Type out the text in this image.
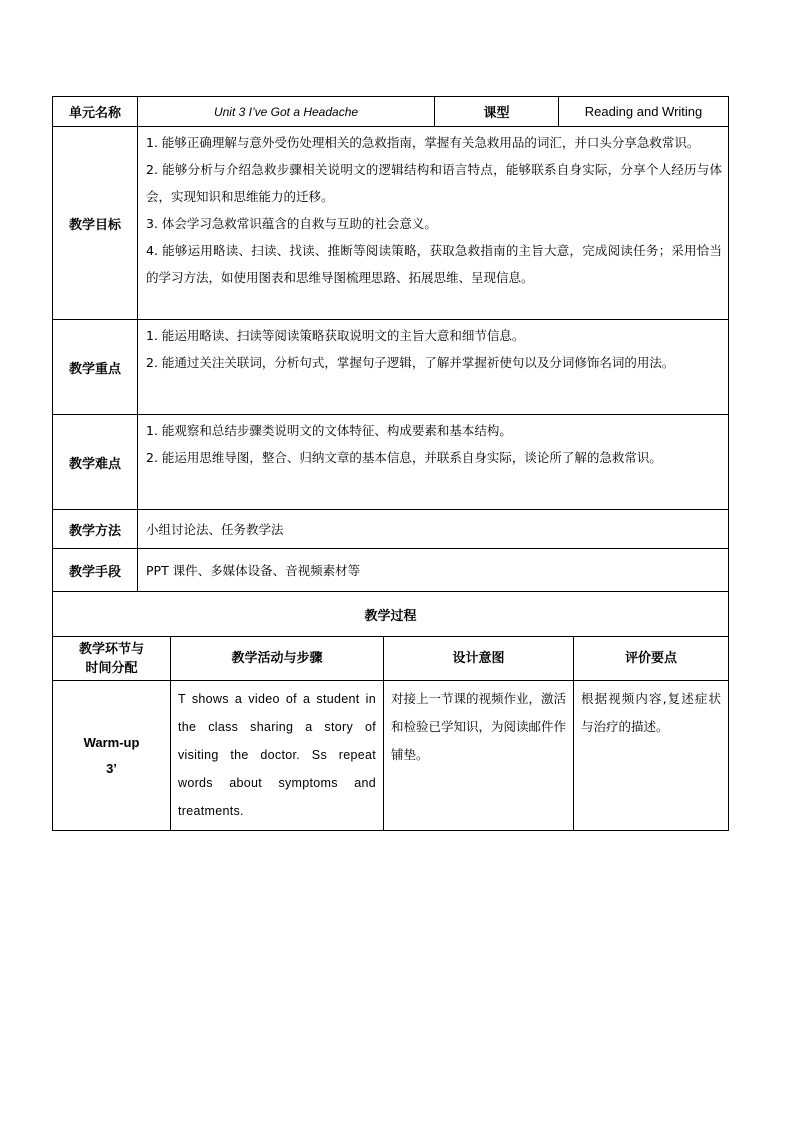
单元名称	Unit 3 I’ve Got a Headache	课型	Reading and Writing
教学目标	1. 能够正确理解与意外受伤处理相关的急救指南，掌握有关急救用品的词汇，并口头分享急救常识。

2. 能够分析与介绍急救步骤相关说明文的逻辑结构和语言特点，能够联系自身实际，分享个人经历与体会，实现知识和思维能力的迁移。

3. 体会学习急救常识蕴含的自救与互助的社会意义。

4. 能够运用略读、扫读、找读、推断等阅读策略，获取急救指南的主旨大意，完成阅读任务；采用恰当的学习方法，如使用图表和思维导图梳理思路、拓展思维、呈现信息。		

教学重点	1. 能运用略读、扫读等阅读策略获取说明文的主旨大意和细节信息。

2. 能通过关注关联词，分析句式，掌握句子逻辑，了解并掌握祈使句以及分词修饰名词的用法。		

教学难点	1. 能观察和总结步骤类说明文的文体特征、构成要素和基本结构。

2. 能运用思维导图，整合、归纳文章的基本信息，并联系自身实际，谈论所了解的急救常识。		

教学方法	小组讨论法、任务教学法		
教学手段	PPT 课件、多媒体设备、音视频素材等		
教学过程			
教学环节与
时间分配	教学活动与步骤	设计意图	评价要点

Warm-up
3’	T shows a video of a student in the class sharing a story of visiting the doctor. Ss repeat words about symptoms and treatments.	对接上一节课的视频作业，激活和检验已学知识，为阅读邮件作铺垫。	根据视频内容,复述症状与治疗的描述。
